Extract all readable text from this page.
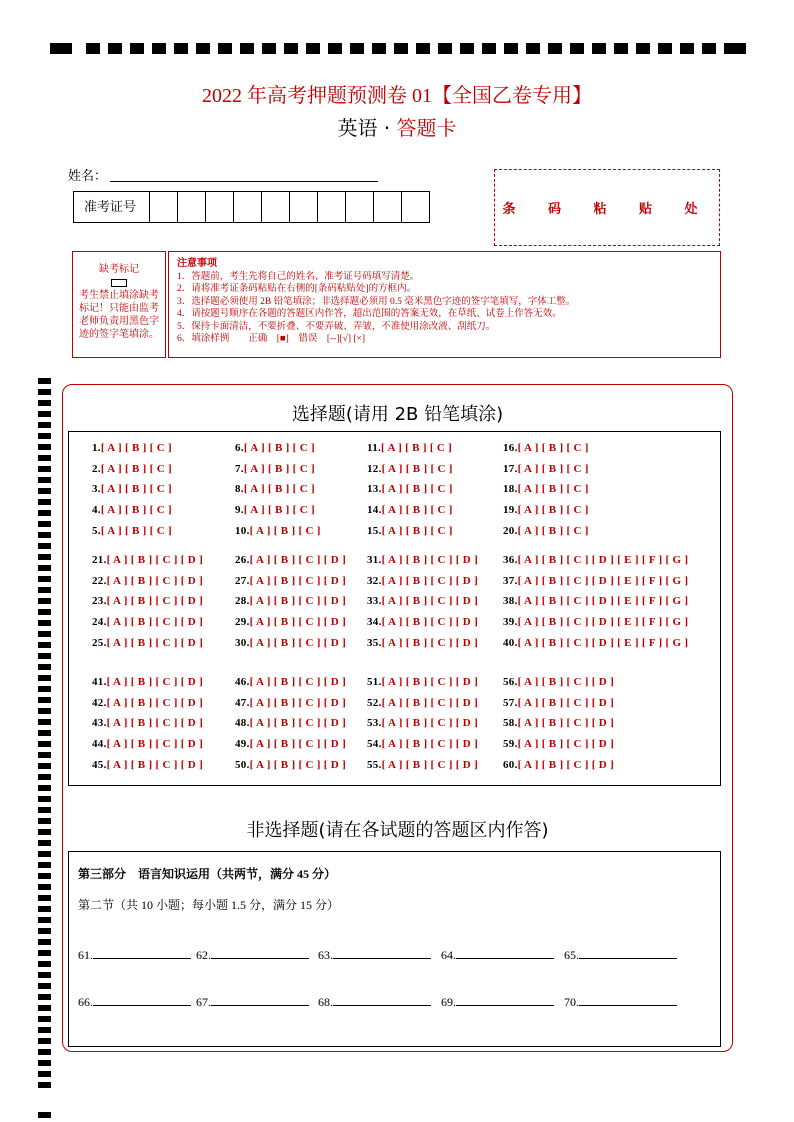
2022 年高考押题预测卷 01【全国乙卷专用】
英语 · 答题卡
姓名：
准考证号	条 码 粘 贴 处
缺考标记
考生禁止填涂缺考标记！只能由监考老师负责用黑色字迹的签字笔填涂。
注意事项
1．答题前，考生先将自己的姓名、准考证号码填写清楚。
2．请将准考证条码粘贴在右侧的[条码粘贴处]的方框内。
3．选择题必须使用 2B 铅笔填涂；非选择题必须用 0.5 毫米黑色字迹的签字笔填写，字体工整。
4．请按题号顺序在各题的答题区内作答，超出范围的答案无效，在草纸、试卷上作答无效。
5．保持卡面清洁，不要折叠、不要弄破、弄皱，不准使用涂改液、刮纸刀。
6．填涂样例　　正确　[■]　错误　[--][√] [×]
选择题(请用 2B 铅笔填涂)
1.[ A ] [ B ] [ C ]
2.[ A ] [ B ] [ C ]
3.[ A ] [ B ] [ C ]
4.[ A ] [ B ] [ C ]
5.[ A ] [ B ] [ C ]
6.[ A ] [ B ] [ C ]
7.[ A ] [ B ] [ C ]
8.[ A ] [ B ] [ C ]
9.[ A ] [ B ] [ C ]
10.[ A ] [ B ] [ C ]
11.[ A ] [ B ] [ C ]
12.[ A ] [ B ] [ C ]
13.[ A ] [ B ] [ C ]
14.[ A ] [ B ] [ C ]
15.[ A ] [ B ] [ C ]
16.[ A ] [ B ] [ C ]
17.[ A ] [ B ] [ C ]
18.[ A ] [ B ] [ C ]
19.[ A ] [ B ] [ C ]
20.[ A ] [ B ] [ C ]
21.[ A ] [ B ] [ C ] [ D ]
22.[ A ] [ B ] [ C ] [ D ]
23.[ A ] [ B ] [ C ] [ D ]
24.[ A ] [ B ] [ C ] [ D ]
25.[ A ] [ B ] [ C ] [ D ]
26.[ A ] [ B ] [ C ] [ D ]
27.[ A ] [ B ] [ C ] [ D ]
28.[ A ] [ B ] [ C ] [ D ]
29.[ A ] [ B ] [ C ] [ D ]
30.[ A ] [ B ] [ C ] [ D ]
31.[ A ] [ B ] [ C ] [ D ]
32.[ A ] [ B ] [ C ] [ D ]
33.[ A ] [ B ] [ C ] [ D ]
34.[ A ] [ B ] [ C ] [ D ]
35.[ A ] [ B ] [ C ] [ D ]
36.[ A ] [ B ] [ C ] [ D ] [ E ] [ F ] [ G ]
37.[ A ] [ B ] [ C ] [ D ] [ E ] [ F ] [ G ]
38.[ A ] [ B ] [ C ] [ D ] [ E ] [ F ] [ G ]
39.[ A ] [ B ] [ C ] [ D ] [ E ] [ F ] [ G ]
40.[ A ] [ B ] [ C ] [ D ] [ E ] [ F ] [ G ]
41.[ A ] [ B ] [ C ] [ D ]
42.[ A ] [ B ] [ C ] [ D ]
43.[ A ] [ B ] [ C ] [ D ]
44.[ A ] [ B ] [ C ] [ D ]
45.[ A ] [ B ] [ C ] [ D ]
46.[ A ] [ B ] [ C ] [ D ]
47.[ A ] [ B ] [ C ] [ D ]
48.[ A ] [ B ] [ C ] [ D ]
49.[ A ] [ B ] [ C ] [ D ]
50.[ A ] [ B ] [ C ] [ D ]
51.[ A ] [ B ] [ C ] [ D ]
52.[ A ] [ B ] [ C ] [ D ]
53.[ A ] [ B ] [ C ] [ D ]
54.[ A ] [ B ] [ C ] [ D ]
55.[ A ] [ B ] [ C ] [ D ]
56.[ A ] [ B ] [ C ] [ D ]
57.[ A ] [ B ] [ C ] [ D ]
58.[ A ] [ B ] [ C ] [ D ]
59.[ A ] [ B ] [ C ] [ D ]
60.[ A ] [ B ] [ C ] [ D ]
非选择题(请在各试题的答题区内作答)
第三部分　语言知识运用（共两节，满分 45 分）
第二节（共 10 小题；每小题 1.5 分，满分 15 分）
61.	62.	63.	64.	65.
66.	67.	68.	69.	70.
